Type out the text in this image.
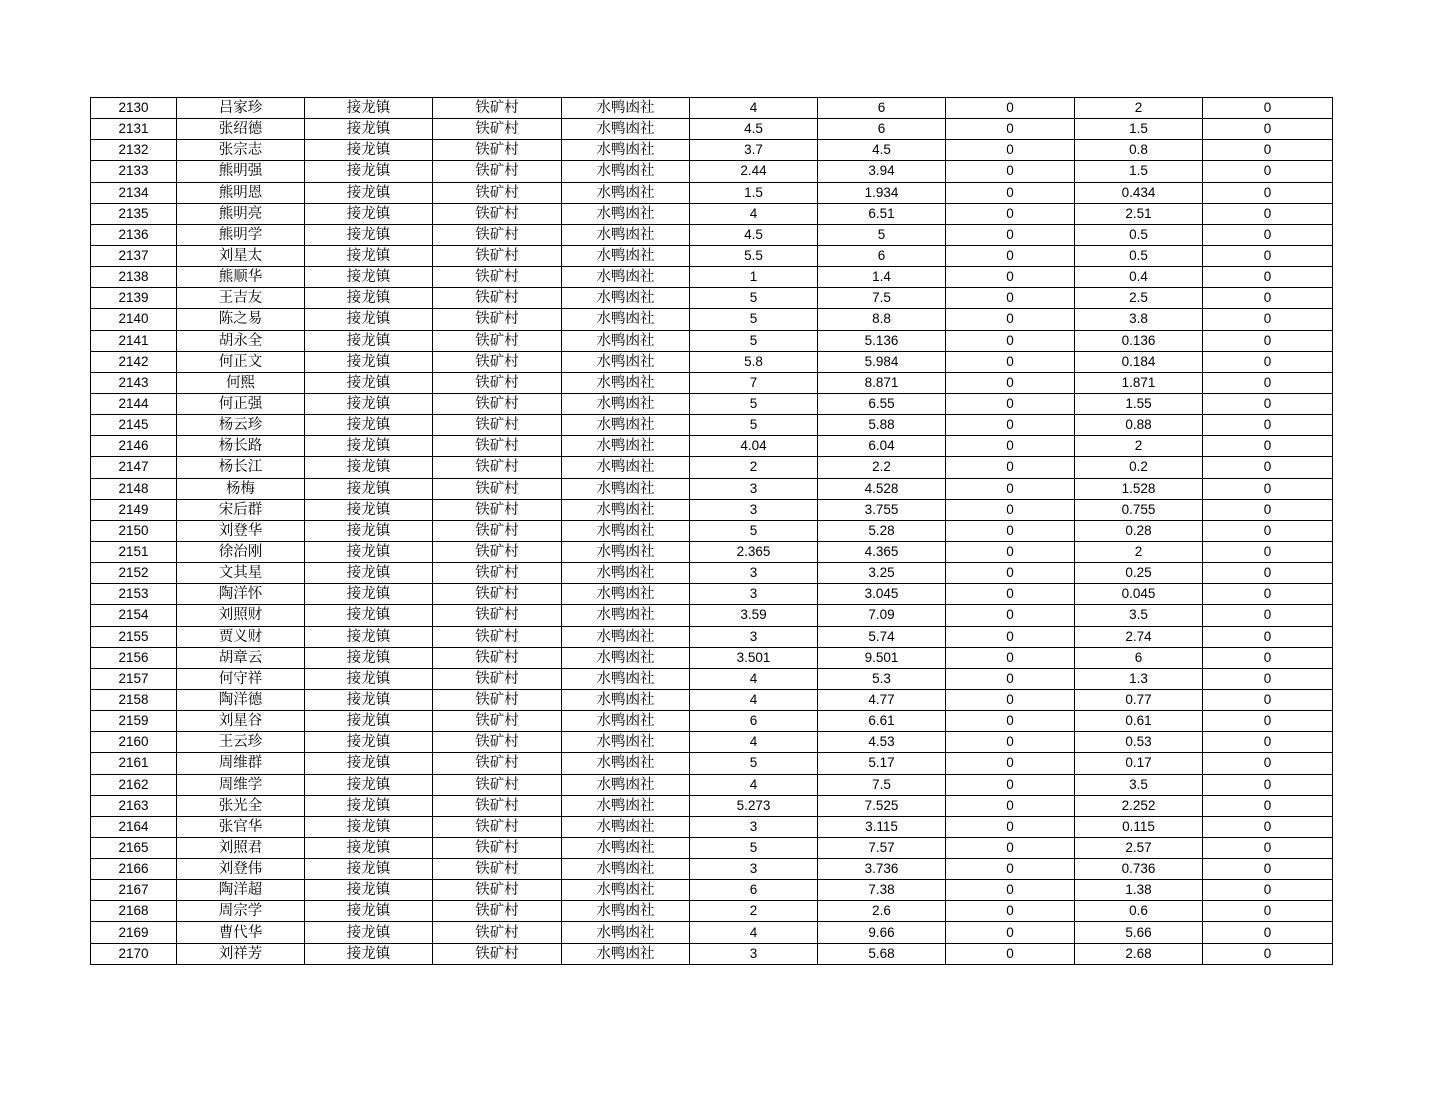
2130	吕家珍	接龙镇	铁矿村	水鸭凼社	4	6	0	2	0
2131	张绍德	接龙镇	铁矿村	水鸭凼社	4.5	6	0	1.5	0
2132	张宗志	接龙镇	铁矿村	水鸭凼社	3.7	4.5	0	0.8	0
2133	熊明强	接龙镇	铁矿村	水鸭凼社	2.44	3.94	0	1.5	0
2134	熊明恩	接龙镇	铁矿村	水鸭凼社	1.5	1.934	0	0.434	0
2135	熊明亮	接龙镇	铁矿村	水鸭凼社	4	6.51	0	2.51	0
2136	熊明学	接龙镇	铁矿村	水鸭凼社	4.5	5	0	0.5	0
2137	刘星太	接龙镇	铁矿村	水鸭凼社	5.5	6	0	0.5	0
2138	熊顺华	接龙镇	铁矿村	水鸭凼社	1	1.4	0	0.4	0
2139	王吉友	接龙镇	铁矿村	水鸭凼社	5	7.5	0	2.5	0
2140	陈之易	接龙镇	铁矿村	水鸭凼社	5	8.8	0	3.8	0
2141	胡永全	接龙镇	铁矿村	水鸭凼社	5	5.136	0	0.136	0
2142	何正文	接龙镇	铁矿村	水鸭凼社	5.8	5.984	0	0.184	0
2143	何熙	接龙镇	铁矿村	水鸭凼社	7	8.871	0	1.871	0
2144	何正强	接龙镇	铁矿村	水鸭凼社	5	6.55	0	1.55	0
2145	杨云珍	接龙镇	铁矿村	水鸭凼社	5	5.88	0	0.88	0
2146	杨长路	接龙镇	铁矿村	水鸭凼社	4.04	6.04	0	2	0
2147	杨长江	接龙镇	铁矿村	水鸭凼社	2	2.2	0	0.2	0
2148	杨梅	接龙镇	铁矿村	水鸭凼社	3	4.528	0	1.528	0
2149	宋后群	接龙镇	铁矿村	水鸭凼社	3	3.755	0	0.755	0
2150	刘登华	接龙镇	铁矿村	水鸭凼社	5	5.28	0	0.28	0
2151	徐治刚	接龙镇	铁矿村	水鸭凼社	2.365	4.365	0	2	0
2152	文其星	接龙镇	铁矿村	水鸭凼社	3	3.25	0	0.25	0
2153	陶洋怀	接龙镇	铁矿村	水鸭凼社	3	3.045	0	0.045	0
2154	刘照财	接龙镇	铁矿村	水鸭凼社	3.59	7.09	0	3.5	0
2155	贾义财	接龙镇	铁矿村	水鸭凼社	3	5.74	0	2.74	0
2156	胡章云	接龙镇	铁矿村	水鸭凼社	3.501	9.501	0	6	0
2157	何守祥	接龙镇	铁矿村	水鸭凼社	4	5.3	0	1.3	0
2158	陶洋德	接龙镇	铁矿村	水鸭凼社	4	4.77	0	0.77	0
2159	刘星谷	接龙镇	铁矿村	水鸭凼社	6	6.61	0	0.61	0
2160	王云珍	接龙镇	铁矿村	水鸭凼社	4	4.53	0	0.53	0
2161	周维群	接龙镇	铁矿村	水鸭凼社	5	5.17	0	0.17	0
2162	周维学	接龙镇	铁矿村	水鸭凼社	4	7.5	0	3.5	0
2163	张光全	接龙镇	铁矿村	水鸭凼社	5.273	7.525	0	2.252	0
2164	张官华	接龙镇	铁矿村	水鸭凼社	3	3.115	0	0.115	0
2165	刘照君	接龙镇	铁矿村	水鸭凼社	5	7.57	0	2.57	0
2166	刘登伟	接龙镇	铁矿村	水鸭凼社	3	3.736	0	0.736	0
2167	陶洋超	接龙镇	铁矿村	水鸭凼社	6	7.38	0	1.38	0
2168	周宗学	接龙镇	铁矿村	水鸭凼社	2	2.6	0	0.6	0
2169	曹代华	接龙镇	铁矿村	水鸭凼社	4	9.66	0	5.66	0
2170	刘祥芳	接龙镇	铁矿村	水鸭凼社	3	5.68	0	2.68	0
